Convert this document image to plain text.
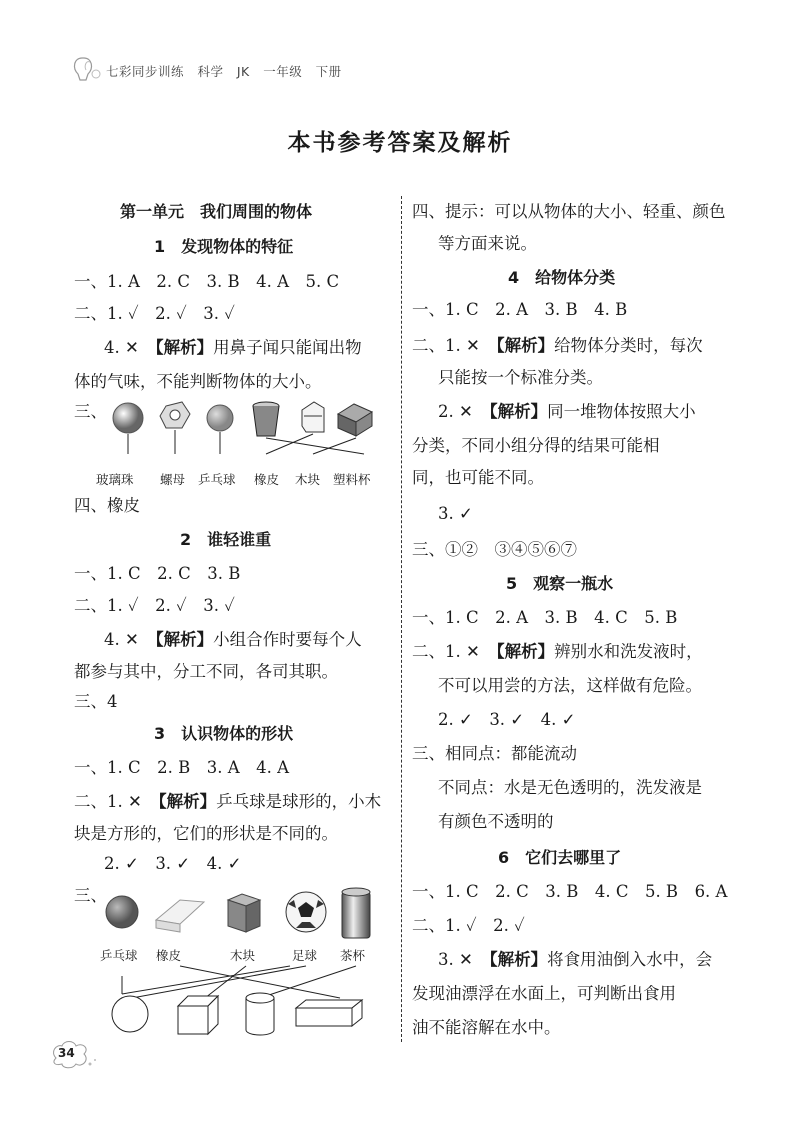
七彩同步训练 科学 JK 一年级 下册
本书参考答案及解析
第一单元　我们周围的物体
1　发现物体的特征
一、1. A　2. C　3. B　4. A　5. C
二、1. ✓　2. ✓　3. ✓
4. ✕　【解析】用鼻子闻只能闻出物
体的气味，不能判断物体的大小。
三、
玻璃珠 螺母 乒乓球 橡皮 木块 塑料杯
四、橡皮
2　谁轻谁重
一、1. C　2. C　3. B
二、1. ✓　2. ✓　3. ✓
4. ✕　【解析】小组合作时要每个人
都参与其中，分工不同，各司其职。
三、4
3　认识物体的形状
一、1. C　2. B　3. A　4. A
二、1. ✕　【解析】乒乓球是球形的，小木
块是方形的，它们的形状是不同的。
2. ✓　3. ✓　4. ✓
三、
乒乓球 橡皮	木块	足球 茶杯
四、提示：可以从物体的大小、轻重、颜色
等方面来说。
4　给物体分类
一、1. C　2. A　3. B　4. B
二、1. ✕　【解析】给物体分类时，每次
只能按一个标准分类。
2. ✕　【解析】同一堆物体按照大小
分类，不同小组分得的结果可能相
同，也可能不同。
3. ✓
三、①②　③④⑤⑥⑦
5　观察一瓶水
一、1. C　2. A　3. B　4. C　5. B
二、1. ✕　【解析】辨别水和洗发液时，
不可以用尝的方法，这样做有危险。
2. ✓　3. ✓　4. ✓
三、相同点：都能流动
不同点：水是无色透明的，洗发液是
有颜色不透明的
6　它们去哪里了
一、1. C　2. C　3. B　4. C　5. B　6. A
二、1. ✓　2. ✓
3. ✕　【解析】将食用油倒入水中，会
发现油漂浮在水面上，可判断出食用
油不能溶解在水中。
34
